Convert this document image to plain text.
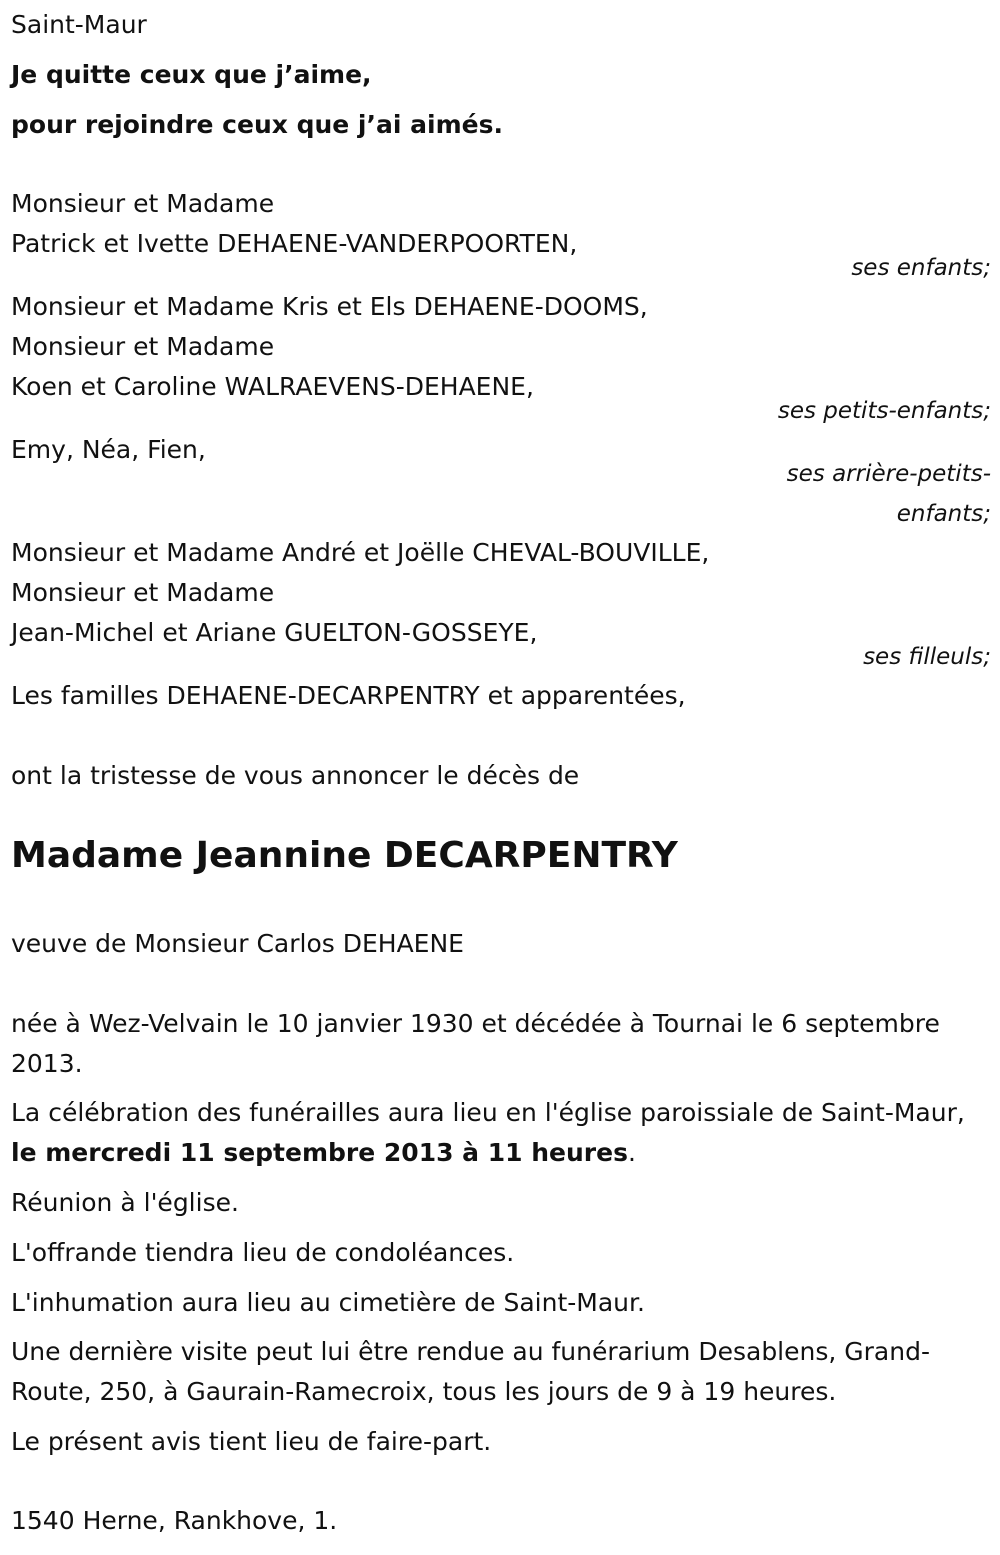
Saint-Maur
Je quitte ceux que j’aime,
pour rejoindre ceux que j’ai aimés.
Monsieur et Madame
Patrick et Ivette DEHAENE-VANDERPOORTEN,
ses enfants;
Monsieur et Madame Kris et Els DEHAENE-DOOMS,
Monsieur et Madame
Koen et Caroline WALRAEVENS-DEHAENE,
ses petits-enfants;
Emy, Néa, Fien,
ses arrière-petits-
enfants;
Monsieur et Madame André et Joëlle CHEVAL-BOUVILLE,
Monsieur et Madame
Jean-Michel et Ariane GUELTON-GOSSEYE,
ses filleuls;
Les familles DEHAENE-DECARPENTRY et apparentées,
ont la tristesse de vous annoncer le décès de
Madame Jeannine DECARPENTRY
veuve de Monsieur Carlos DEHAENE
née à Wez-Velvain le 10 janvier 1930 et décédée à Tournai le 6 septembre 2013.
La célébration des funérailles aura lieu en l'église paroissiale de Saint-Maur, le mercredi 11 septembre 2013 à 11 heures.
Réunion à l'église.
L'offrande tiendra lieu de condoléances.
L'inhumation aura lieu au cimetière de Saint-Maur.
Une dernière visite peut lui être rendue au funérarium Desablens, Grand-Route, 250, à Gaurain-Ramecroix, tous les jours de 9 à 19 heures.
Le présent avis tient lieu de faire-part.
1540 Herne, Rankhove, 1.
